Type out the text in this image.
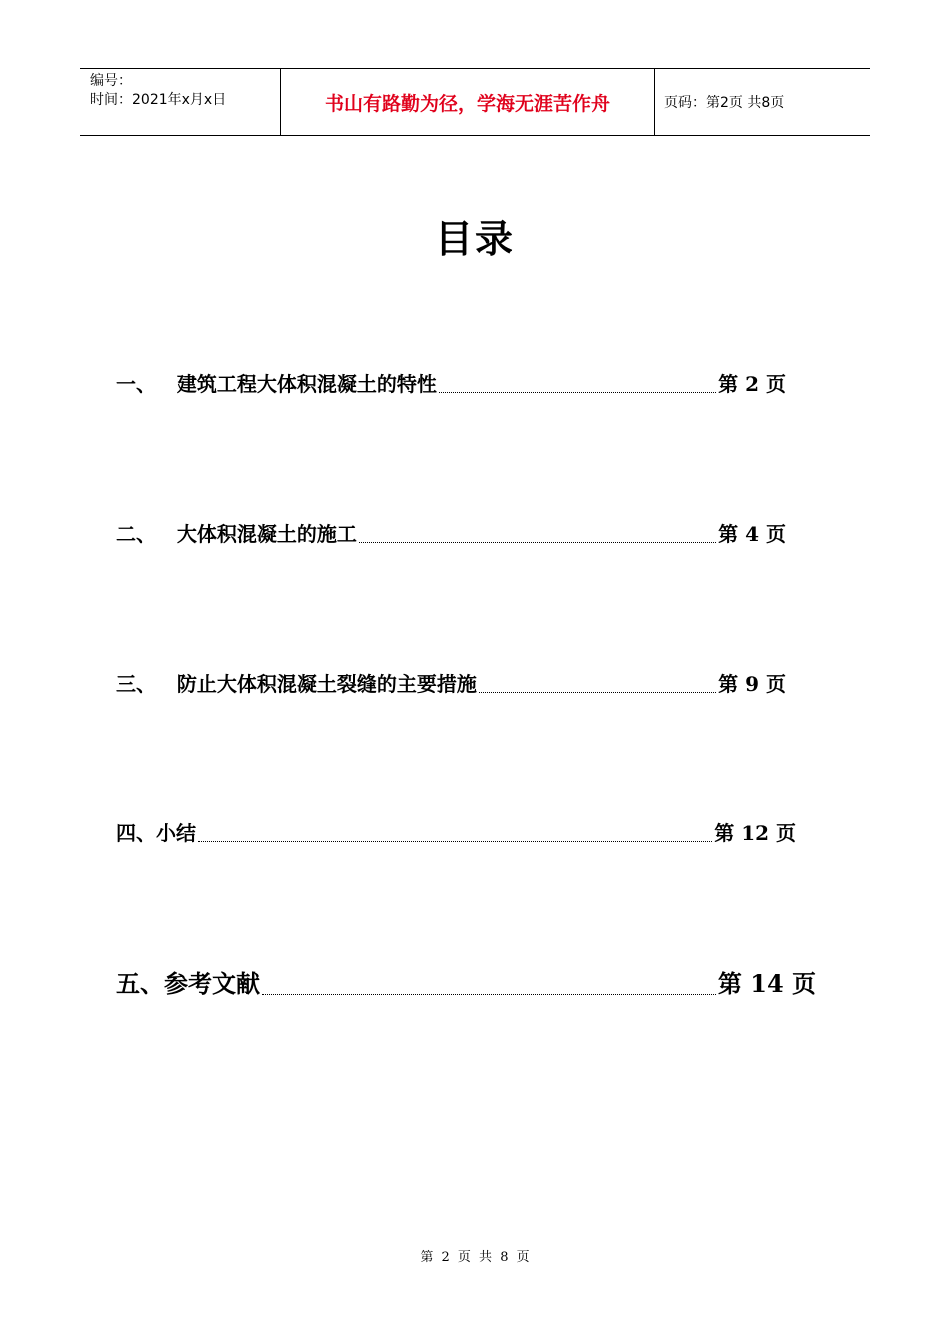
编号：
时间：2021年x月x日	书山有路勤为径，学海无涯苦作舟	页码：第2页 共8页
目录
一、 建筑工程大体积混凝土的特性	第 2 页
二、 大体积混凝土的施工	第 4 页
三、 防止大体积混凝土裂缝的主要措施	第 9 页
四、 小结	第 12 页
五、 参考文献	第 14 页
第 2 页 共 8 页
